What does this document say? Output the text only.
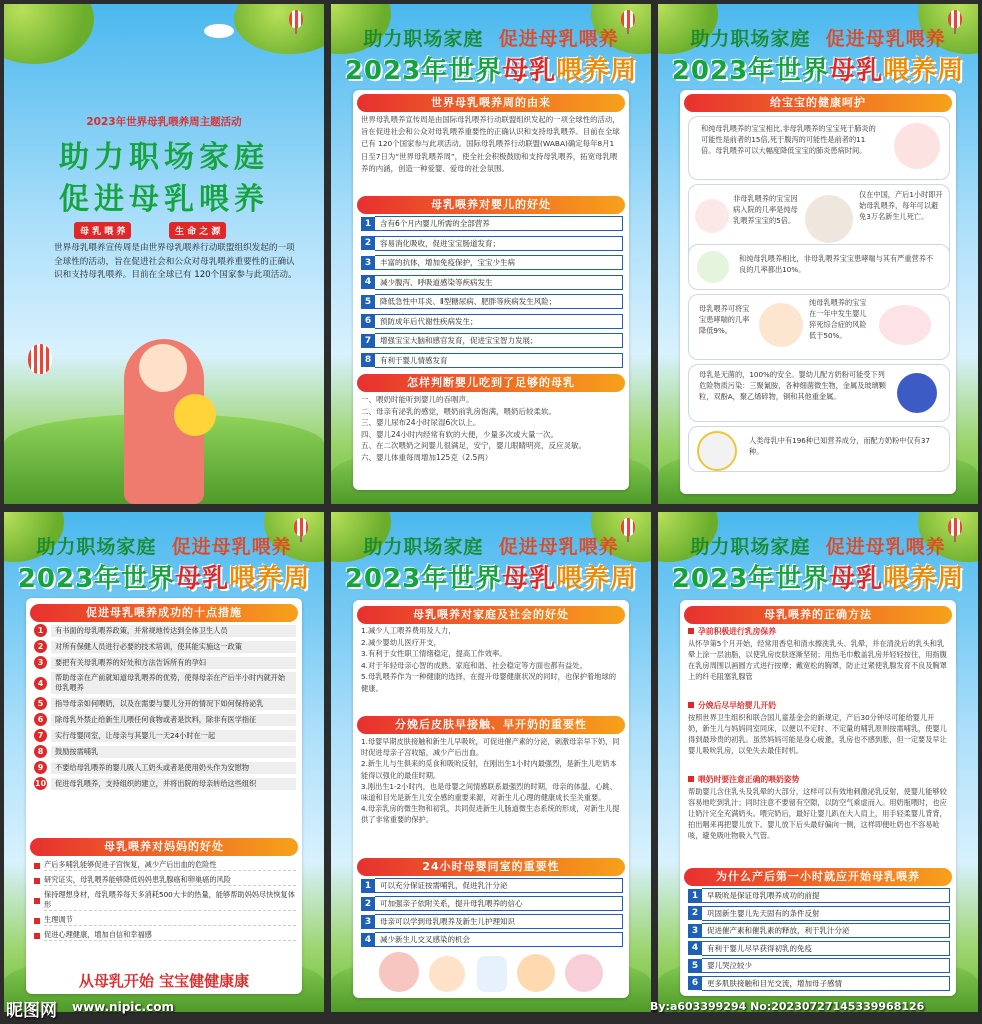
2023年世界母乳喂养周主题活动
助力职场家庭
促进母乳喂养
母 乳 喂 养	生 命 之 源
世界母乳喂养宣传周是由世界母乳喂养行动联盟组织发起的一项全球性的活动，旨在促进社会和公众对母乳喂养重要性的正确认识和支持母乳喂养。目前在全球已有 120个国家参与此项活动。
助力职场家庭 促进母乳喂养
2023年世界母乳喂养周
世界母乳喂养周的由来
世界母乳喂养宣传周是由国际母乳喂养行动联盟组织发起的一项全球性的活动，旨在促进社会和公众对母乳喂养重要性的正确认识和支持母乳喂养。目前在全球已有 120个国家参与此项活动。国际母乳喂养行动联盟(WABA)确定每年8月1日至7日为“世界母乳喂养周”，使全社会积极鼓励和支持母乳喂养，拓宽母乳喂养的内涵，创造一种爱婴、爱母的社会氛围。
母乳喂养对婴儿的好处
1	含有6个月内婴儿所需的全部营养
2	容易消化吸收，促进宝宝肠道发育；
3	丰富的抗体，增加免疫保护，宝宝少生病
4	减少腹泻、呼吸道感染等疾病发生
5	降低急性中耳炎、Ⅱ型糖尿病、肥胖等疾病发生风险；
6	预防成年后代谢性疾病发生；
7	增强宝宝大脑和感官发育，促进宝宝智力发展；
8	有利于婴儿情感发育
怎样判断婴儿吃到了足够的母乳
一、喂奶时能听到婴儿的吞咽声。
二、母亲有泌乳的感觉，喂奶前乳房饱满，喂奶后较柔软。
三、婴儿尿布24小时尿湿6次以上。
四、婴儿24小时内经常有软的大便，少量多次或大量一次。
五、在二次喂奶之间婴儿很满足，安宁，婴儿眼睛明亮，反应灵敏。
六、婴儿体重每周增加125克（2.5两）
助力职场家庭 促进母乳喂养
2023年世界母乳喂养周
给宝宝的健康呵护
和纯母乳喂养的宝宝相比,非母乳喂养的宝宝死于肺炎的可能性是前者的15倍,死于腹泻的可能性是前者的11倍。母乳喂养可以大幅度降低宝宝的肺炎患病时间。
非母乳喂养的宝宝因病入院的几率是纯母乳喂养宝宝的5倍。
仅在中国，产后1小时即开始母乳喂养，每年可以避免3万名新生儿死亡。
和纯母乳喂养相比，非母乳喂养宝宝患哮喘与其有严重营养不良的几率都出10%。
母乳喂养可将宝宝患哮喘的几率降低9%。
纯母乳喂养的宝宝在一年中发生婴儿猝死综合症的风险低于50%。
母乳是无菌的，100%的安全。婴幼儿配方奶粉可能受下列危险物质污染：三聚氰胺，各种细菌微生物，金属及玻璃颗粒，双酚A，聚乙烯碎物，铜和其他重金属。
人类母乳中有196种已知营养成分，而配方奶粉中仅有37种。
助力职场家庭 促进母乳喂养
2023年世界母乳喂养周
促进母乳喂养成功的十点措施
1	有书面的母乳喂养政策，并常规地传达到全体卫生人员
2	对所有保健人员进行必要的技术培训，使其能实施这一政策
3	要把有关母乳喂养的好处和方法告诉所有的孕妇
4
帮助母亲在产前就知道母乳喂养的优势，使得母亲在产后半小时内就开始母乳喂养
5	指导母亲如何喂奶，以及在需要与婴儿分开的情况下如何保持泌乳
6	除母乳外禁止给新生儿喂任何食物或者是饮料，除非有医学指征
7	实行母婴同室，让母亲与其婴儿一天24小时在一起
8	鼓励按需哺乳
9	不要给母乳喂养的婴儿吸人工奶头或者是使用奶头作为安慰物
10	促进母乳喂养，支持组织的建立，并将出院的母亲转给这些组织
母乳喂养对妈妈的好处
产后多哺乳能够促进子宫恢复，减少产后出血的危险性
研究证实，母乳喂养能够降低妈妈患乳腺癌和卵巢癌的风险
保持理想身材，母乳喂养每天多消耗500大卡的热量，能够帮助妈妈尽快恢复体形
生理调节
促进心理健康，增加自信和幸福感
从母乳开始 宝宝健健康康
助力职场家庭 促进母乳喂养
2023年世界母乳喂养周
母乳喂养对家庭及社会的好处
1.减少人工喂养费用及人力，
2.减少婴幼儿医疗开支，
3.有利于女性职工情绪稳定，提高工作效率。
4.对于年轻母亲心智的成熟、家庭和谐、社会稳定等方面也都有益处。
5.母乳喂养作为一种健康的选择，在提升母婴健康状况的同时，也保护着地球的健康。
分娩后皮肤早接触、早开奶的重要性
1.母婴早期皮肤接触和新生儿早吸吮，可促进催产素的分泌，刺激母亲早下奶，同时促进母亲子宫收缩，减少产后出血。
2.新生儿与生俱来的觅食和吸吮反射，在刚出生1小时内最强烈，是新生儿吃奶本能得以强化的最佳时期。
3.刚出生1-2小时内，也是母婴之间情感联系最强烈的时期，母亲的体温、心跳、味道和目光是新生儿安全感的重要来源，对新生儿心理的健康成长至关重要。
4.母亲乳房的微生物和初乳，共同促进新生儿肠道微生态系统的形成，对新生儿提供了非常重要的保护。
24小时母婴同室的重要性
1	可以充分保证按需哺乳，促进乳汁分泌
2	可加强亲子依附关系，提升母乳喂养的信心
3	母亲可以学到母乳喂养及新生儿护理知识
4	减少新生儿交叉感染的机会
助力职场家庭 促进母乳喂养
2023年世界母乳喂养周
母乳喂养的正确方法
孕前积极进行乳房保养
从怀孕第5个月开始，经常用香皂和清水擦洗乳头、乳晕，并在清洗后的乳头和乳晕上涂一层油脂，以使乳房皮肤逐渐坚韧；用热毛巾敷盖乳房并轻轻按住，用指腹在乳房周围以画圆方式进行按摩；戴宽松的胸罩，防止过紧使乳腺发育不良及胸罩上的纤毛阻塞乳腺管
分娩后尽早给婴儿开奶
按照世界卫生组织和联合国儿童基金会的新规定，产后30分钟尽可能给婴儿开奶，新生儿与妈妈同室同床，以便以不定时、不定量的哺乳原则按需哺乳，使婴儿得到最珍贵的初乳。虽然妈妈可能是身心疲惫，乳房也不感到胀，但一定要及早让婴儿吸吮乳房，以免失去最佳时机。
喂奶时要注意正确的喂奶姿势
帮助婴儿含住乳头及乳晕的大部分，这样可以有效地刺激泌乳反射，使婴儿能够较容易地吃到乳汁；同时注意不要留有空隙，以防空气乘虚而入。用奶瓶喂时，也应让奶汁完全充满奶头。喂完奶后，最好让婴儿趴在大人肩上，用手轻柔婴儿背背，拍出咽来再把婴儿放下。婴儿放下后头最好偏向一侧，这样即便吐奶也不容易呛咳，避免吸吐物吸入气管。
为什么产后第一小时就应开始母乳喂养
1	早吸吮是保证母乳喂养成功的前提
2	巩固新生婴儿先天固有的条件反射
3	促进催产素和催乳素的释放，利于乳汁分泌
4	有利于婴儿尽早获得初乳的免疫
5	婴儿哭泣较少
6	更多肌肤接触和目光交流，增加母子感情
昵图网 www.nipic.com	By:a603399294 No:20230727145339968126
